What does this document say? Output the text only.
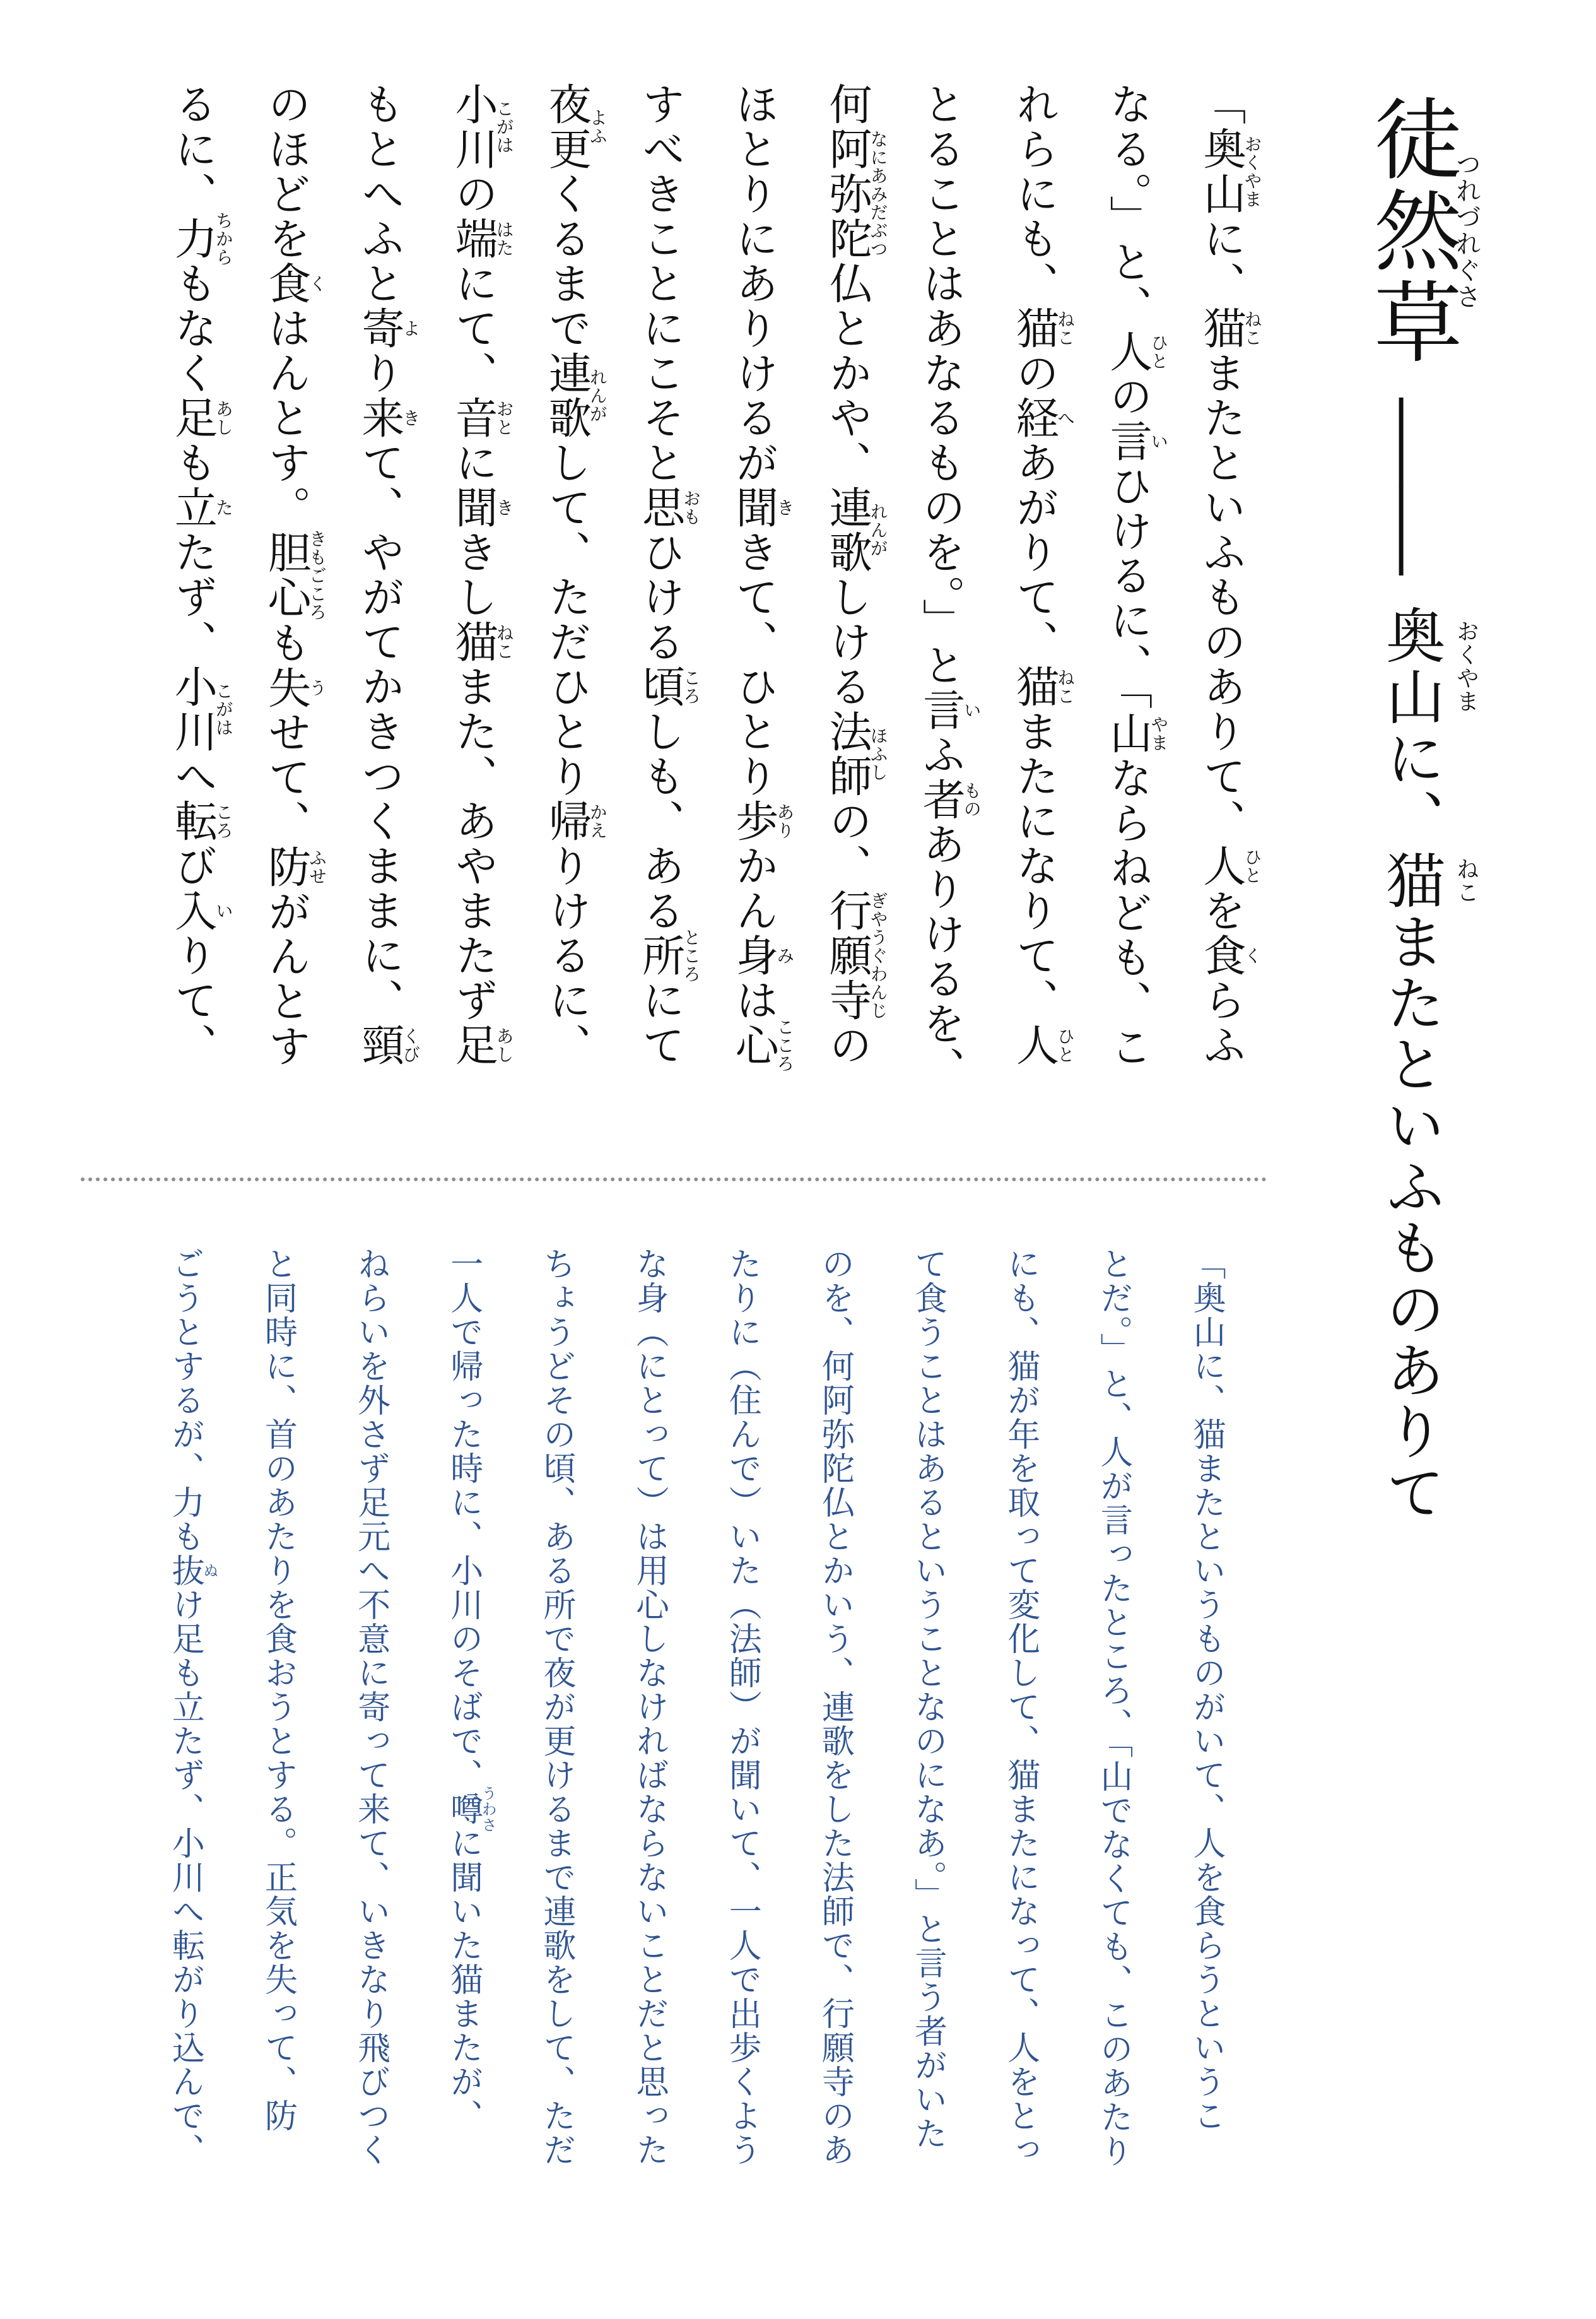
徒然草つれづれぐさ――奥山 おくやまに、猫 ねこまたといふものありて

「奥山おくやまに、猫ねこまたといふものありて、人ひとを食くらふ

なる。」と、人ひとの言いひけるに、「山やまならねども、こ

れらにも、猫ねこの経へあがりて、猫ねこまたになりて、人ひと

とることはあなるものを。」と言いふ者ものありけるを、

何阿弥陀仏なにあみだぶつとかや、連歌れんがしける法師ほふしの、行願寺ぎやうぐわんじの

ほとりにありけるが聞ききて、ひとり歩ありかん身みは心こころ

すべきことにこそと思おもひける頃ころしも、ある所ところにて

夜更よふくるまで連歌れんがして、ただひとり帰かえりけるに、

小川こがはの端はたにて、音おとに聞ききし猫ねこまた、あやまたず足あし

もとへふと寄より来きて、やがてかきつくままに、頸くび

のほどを食くはんとす。胆心きもごころも失うせて、防ふせがんとす

るに、力ちからもなく足あしも立たたず、小川こがはへ転ころび入いりて、

「奥山に、猫またというものがいて、人を食らうというこ

とだ。」と、人が言ったところ、「山でなくても、このあたり

にも、猫が年を取って変化して、猫またになって、人をとっ

て食うことはあるということなのになあ。」と言う者がいた

のを、何阿弥陀仏とかいう、連歌をした法師で、行願寺のあ

たりに（住んで）いた（法師）が聞いて、一人で出歩くよう

な身（にとって）は用心しなければならないことだと思った

ちょうどその頃、ある所で夜が更けるまで連歌をして、ただ

一人で帰った時に、小川のそばで、噂うわさに聞いた猫またが、

ねらいを外さず足元へ不意に寄って来て、いきなり飛びつく

と同時に、首のあたりを食おうとする。正気を失って、防

ごうとするが、力も抜ぬけ足も立たず、小川へ転がり込んで、
